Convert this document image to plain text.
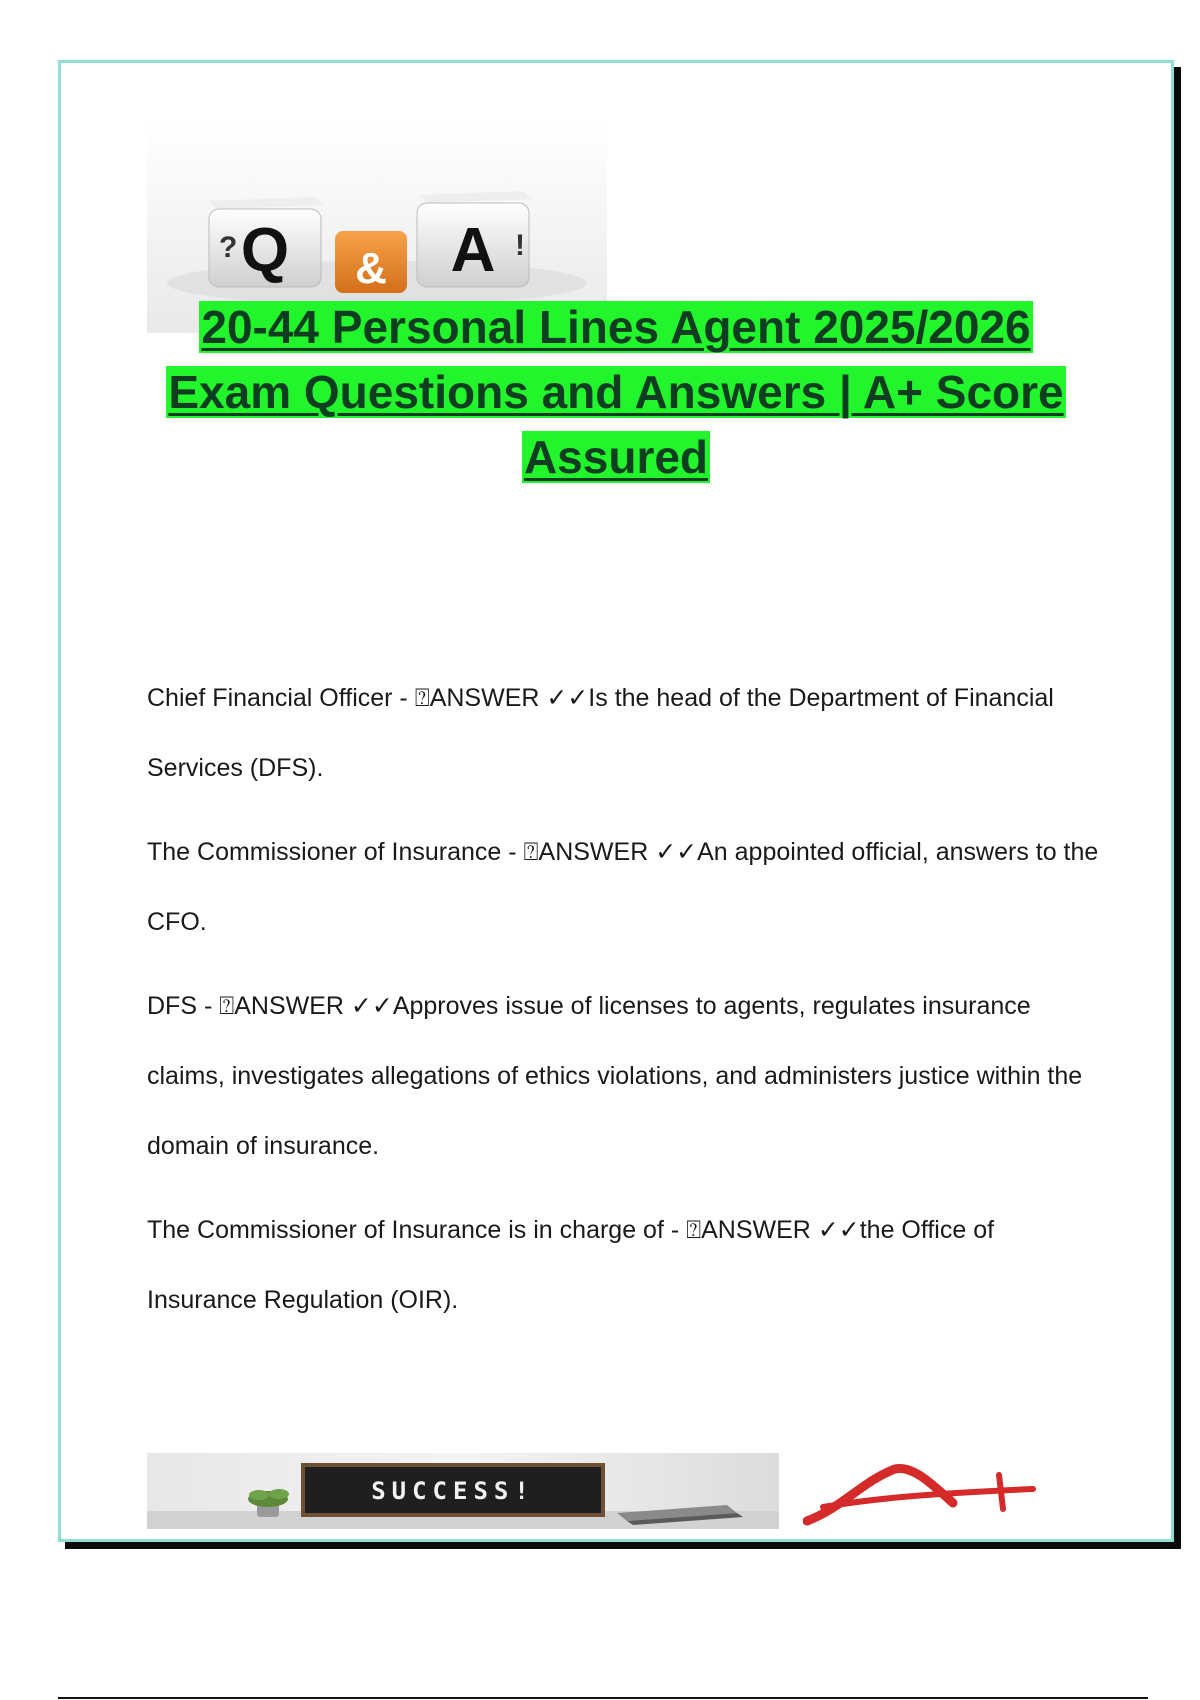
Q
?	& A !
20-44 Personal Lines Agent 2025/2026
Exam Questions and Answers | A+ Score
Assured

Chief Financial Officer - ⍰ANSWER ✓✓Is the head of the Department of Financial Services (DFS).

The Commissioner of Insurance - ⍰ANSWER ✓✓An appointed official, answers to the CFO.

DFS - ⍰ANSWER ✓✓Approves issue of licenses to agents, regulates insurance claims, investigates allegations of ethics violations, and administers justice within the domain of insurance.

The Commissioner of Insurance is in charge of - ⍰ANSWER ✓✓the Office of Insurance Regulation (OIR).

SUCCESS!	A+
